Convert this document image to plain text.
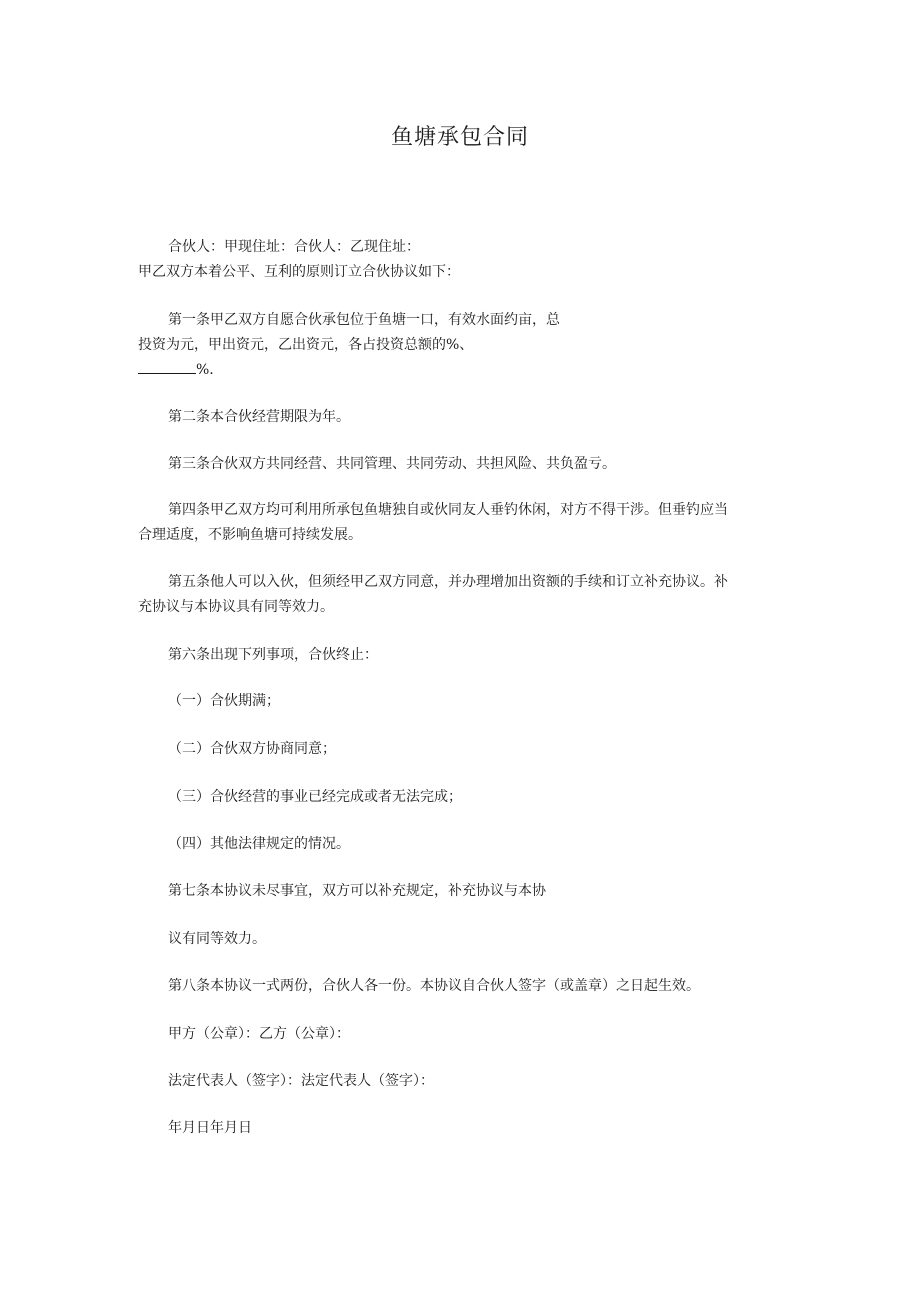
鱼塘承包合同
合伙人：甲现住址：合伙人：乙现住址：
甲乙双方本着公平、互利的原则订立合伙协议如下：
第一条甲乙双方自愿合伙承包位于鱼塘一口，有效水面约亩，总
投资为元，甲出资元，乙出资元，各占投资总额的%、
%.
第二条本合伙经营期限为年。
第三条合伙双方共同经营、共同管理、共同劳动、共担风险、共负盈亏。
第四条甲乙双方均可利用所承包鱼塘独自或伙同友人垂钓休闲，对方不得干涉。但垂钓应当
合理适度，不影响鱼塘可持续发展。
第五条他人可以入伙，但须经甲乙双方同意，并办理增加出资额的手续和订立补充协议。补
充协议与本协议具有同等效力。
第六条出现下列事项，合伙终止：
（一）合伙期满；
（二）合伙双方协商同意；
（三）合伙经营的事业已经完成或者无法完成；
（四）其他法律规定的情况。
第七条本协议未尽事宜，双方可以补充规定，补充协议与本协
议有同等效力。
第八条本协议一式两份，合伙人各一份。本协议自合伙人签字（或盖章）之日起生效。
甲方（公章）：乙方（公章）：
法定代表人（签字）：法定代表人（签字）：
年月日年月日
